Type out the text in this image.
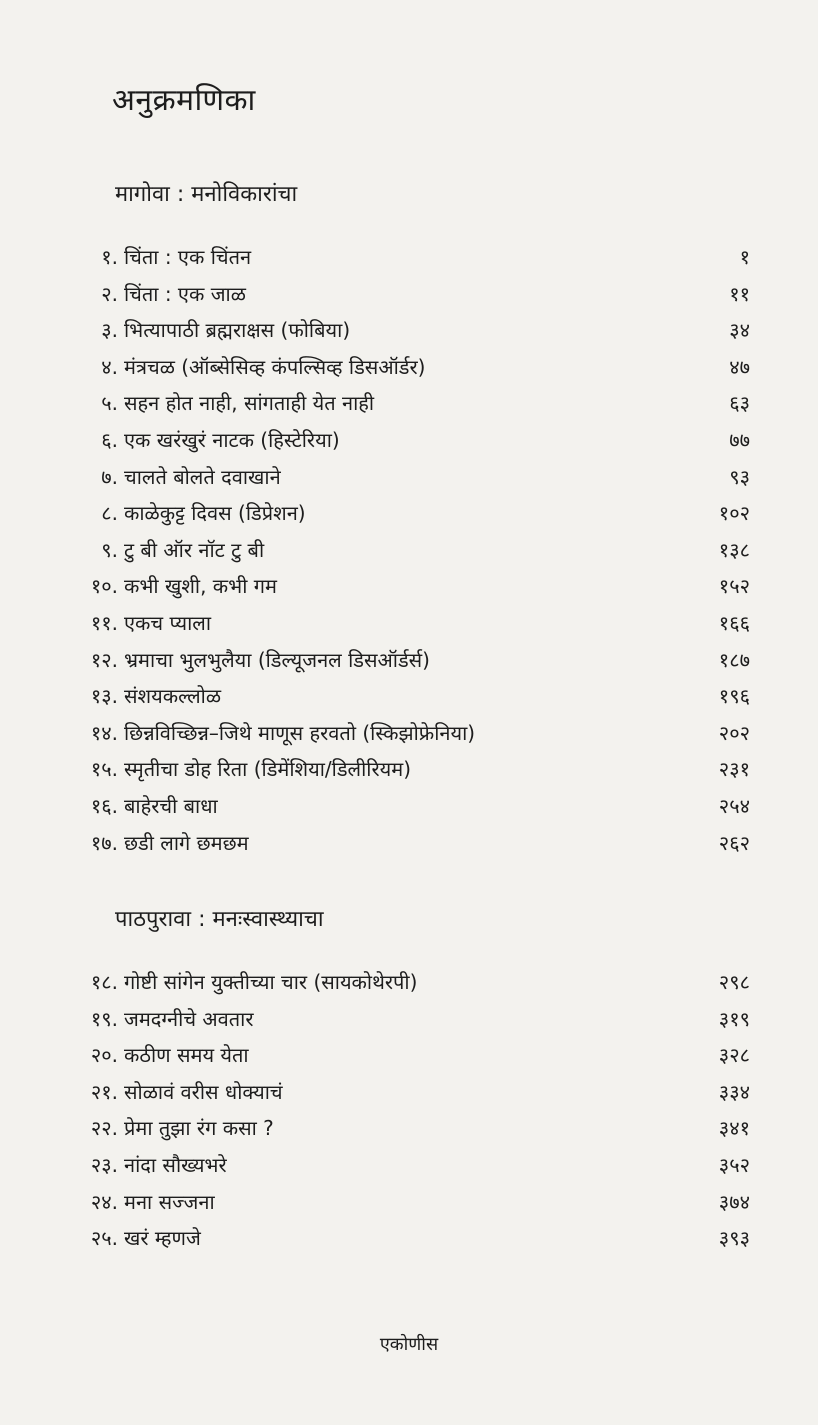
अनुक्रमणिका
मागोवा : मनोविकारांचा
१. चिंता : एक चिंतन	१
२. चिंता : एक जाळ	११
३. भित्यापाठी ब्रह्मराक्षस (फोबिया)	३४
४. मंत्रचळ (ऑब्सेसिव्ह कंपल्सिव्ह डिसऑर्डर)	४७
५. सहन होत नाही, सांगताही येत नाही	६३
६. एक खरंखुरं नाटक (हिस्टेरिया)	७७
७. चालते बोलते दवाखाने	९३
८. काळेकुट्ट दिवस (डिप्रेशन)	१०२
९. टु बी ऑर नॉट टु बी	१३८
१०. कभी खुशी, कभी गम	१५२
११. एकच प्याला	१६६
१२. भ्रमाचा भुलभुलैया (डिल्यूजनल डिसऑर्डर्स)	१८७
१३. संशयकल्लोळ	१९६
१४. छिन्नविच्छिन्न–जिथे माणूस हरवतो (स्किझोफ्रेनिया)	२०२
१५. स्मृतीचा डोह रिता (डिमेंशिया/डिलीरियम)	२३१
१६. बाहेरची बाधा	२५४
१७. छडी लागे छमछम	२६२
पाठपुरावा : मनःस्वास्थ्याचा
१८. गोष्टी सांगेन युक्तीच्या चार (सायकोथेरपी)	२९८
१९. जमदग्नीचे अवतार	३१९
२०. कठीण समय येता	३२८
२१. सोळावं वरीस धोक्याचं	३३४
२२. प्रेमा तुझा रंग कसा ?	३४१
२३. नांदा सौख्यभरे	३५२
२४. मना सज्जना	३७४
२५. खरं म्हणजे	३९३
एकोणीस
